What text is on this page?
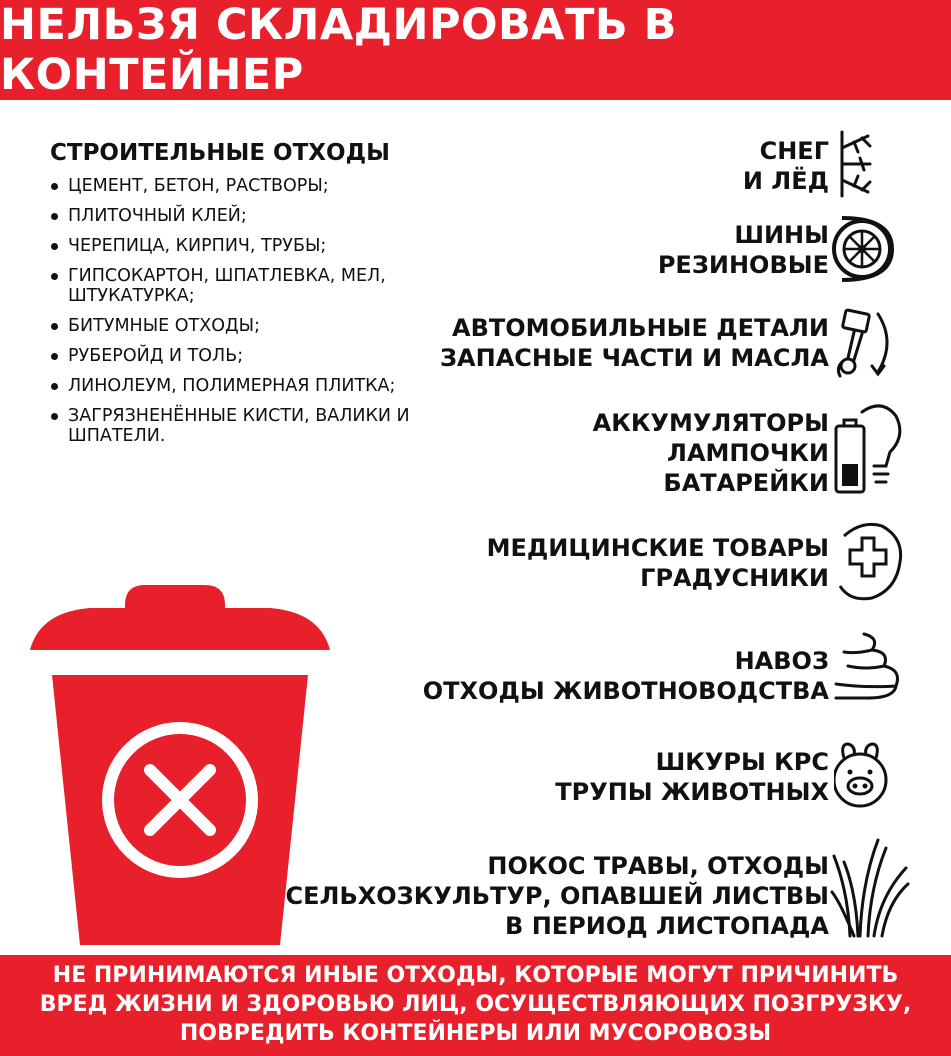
НЕЛЬЗЯ СКЛАДИРОВАТЬ В КОНТЕЙНЕР
СТРОИТЕЛЬНЫЕ ОТХОДЫ
ЦЕМЕНТ, БЕТОН, РАСТВОРЫ;
ПЛИТОЧНЫЙ КЛЕЙ;
ЧЕРЕПИЦА, КИРПИЧ, ТРУБЫ;
ГИПСОКАРТОН, ШПАТЛЕВКА, МЕЛ, ШТУКАТУРКА;
БИТУМНЫЕ ОТХОДЫ;
РУБЕРОЙД И ТОЛЬ;
ЛИНОЛЕУМ, ПОЛИМЕРНАЯ ПЛИТКА;
ЗАГРЯЗНЕНЁННЫЕ КИСТИ, ВАЛИКИ И ШПАТЕЛИ.
СНЕГ
И ЛЁД
ШИНЫ
РЕЗИНОВЫЕ
АВТОМОБИЛЬНЫЕ ДЕТАЛИ
ЗАПАСНЫЕ ЧАСТИ И МАСЛА
АККУМУЛЯТОРЫ
ЛАМПОЧКИ
БАТАРЕЙКИ
МЕДИЦИНСКИЕ ТОВАРЫ
ГРАДУСНИКИ
НАВОЗ
ОТХОДЫ ЖИВОТНОВОДСТВА
ШКУРЫ КРС
ТРУПЫ ЖИВОТНЫХ
ПОКОС ТРАВЫ, ОТХОДЫ
СЕЛЬХОЗКУЛЬТУР, ОПАВШЕЙ ЛИСТВЫ
В ПЕРИОД ЛИСТОПАДА
НЕ ПРИНИМАЮТСЯ ИНЫЕ ОТХОДЫ, КОТОРЫЕ МОГУТ ПРИЧИНИТЬ
ВРЕД ЖИЗНИ И ЗДОРОВЬЮ ЛИЦ, ОСУЩЕСТВЛЯЮЩИХ ПОЗГРУЗКУ,
ПОВРЕДИТЬ КОНТЕЙНЕРЫ ИЛИ МУСОРОВОЗЫ
